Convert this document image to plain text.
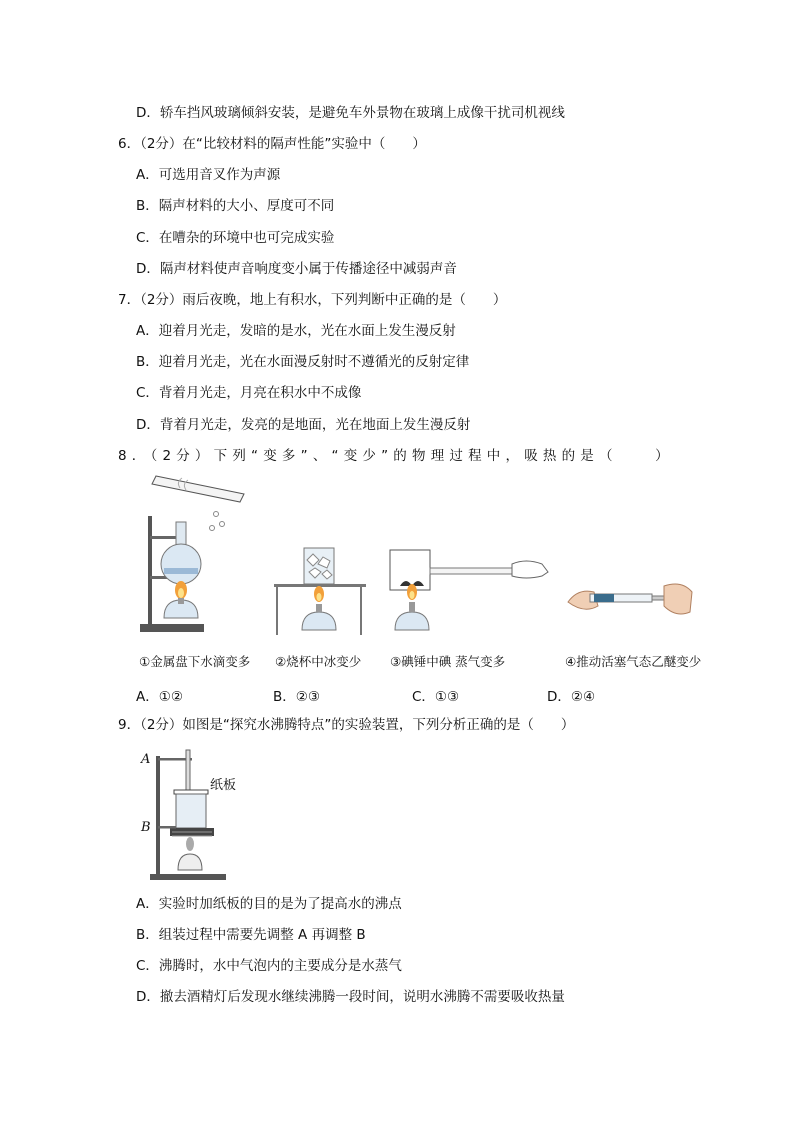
D．轿车挡风玻璃倾斜安装，是避免车外景物在玻璃上成像干扰司机视线
6．（2分）在“比较材料的隔声性能”实验中（　　）
A．可选用音叉作为声源
B．隔声材料的大小、厚度可不同
C．在嘈杂的环境中也可完成实验
D．隔声材料使声音响度变小属于传播途径中减弱声音
7．（2分）雨后夜晚，地上有积水，下列判断中正确的是（　　）
A．迎着月光走，发暗的是水，光在水面上发生漫反射
B．迎着月光走，光在水面漫反射时不遵循光的反射定律
C．背着月光走，月亮在积水中不成像
D．背着月光走，发亮的是地面，光在地面上发生漫反射
8．（2分）下列“变多”、“变少”的物理过程中，吸热的是（　　）
①金属盘下水滴变多 ②烧杯中冰变少 ③碘锤中碘 蒸气变多	④推动活塞气态乙醚变少
A．①②	B．②③	C．①③	D．②④
9．（2分）如图是“探究水沸腾特点”的实验装置，下列分析正确的是（　　）
A
B
纸板
A．实验时加纸板的目的是为了提高水的沸点
B．组装过程中需要先调整 A 再调整 B
C．沸腾时，水中气泡内的主要成分是水蒸气
D．撤去酒精灯后发现水继续沸腾一段时间，说明水沸腾不需要吸收热量
